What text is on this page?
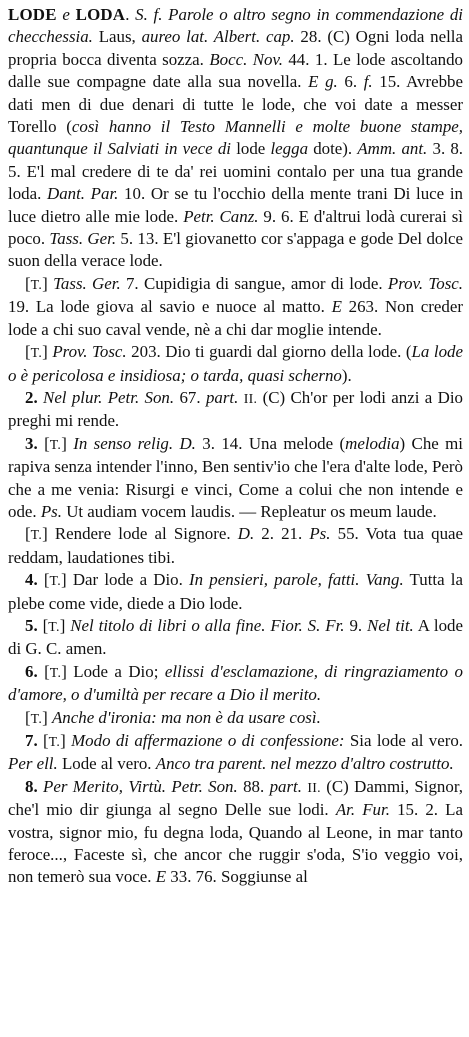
LODE e LODA. S. f. Parole o altro segno in commendazione di checchessia. Laus, aureo lat. Albert. cap. 28. (C) Ogni loda nella propria bocca diventa sozza. Bocc. Nov. 44. 1. Le lode ascoltando dalle sue compagne date alla sua novella. E g. 6. f. 15. Avrebbe dati men di due denari di tutte le lode, che voi date a messer Torello (così hanno il Testo Mannelli e molte buone stampe, quantunque il Salviati in vece di lode legga dote). Amm. ant. 3. 8. 5. E'l mal credere di te da' rei uomini contalo per una tua grande loda. Dant. Par. 10. Or se tu l'occhio della mente trani Di luce in luce dietro alle mie lode. Petr. Canz. 9. 6. E d'altrui lodà curerai sì poco. Tass. Ger. 5. 13. E'l giovanetto cor s'appaga e gode Del dolce suon della verace lode.

[T.] Tass. Ger. 7. Cupidigia di sangue, amor di lode. Prov. Tosc. 19. La lode giova al savio e nuoce al matto. E 263. Non creder lode a chi suo caval vende, nè a chi dar moglie intende.

[T.] Prov. Tosc. 203. Dio ti guardi dal giorno della lode. (La lode o è pericolosa e insidiosa; o tarda, quasi scherno).

2. Nel plur. Petr. Son. 67. part. II. (C) Ch'or per lodi anzi a Dio preghi mi rende.

3. [T.] In senso relig. D. 3. 14. Una melode (melodia) Che mi rapiva senza intender l'inno, Ben sentiv'io che l'era d'alte lode, Però che a me venia: Risurgi e vinci, Come a colui che non intende e ode. Ps. Ut audiam vocem laudis. — Repleatur os meum laude.

[T.] Rendere lode al Signore. D. 2. 21. Ps. 55. Vota tua quae reddam, laudationes tibi.

4. [T.] Dar lode a Dio. In pensieri, parole, fatti. Vang. Tutta la plebe come vide, diede a Dio lode.

5. [T.] Nel titolo di libri o alla fine. Fior. S. Fr. 9. Nel tit. A lode di G. C. amen.

6. [T.] Lode a Dio; ellissi d'esclamazione, di ringraziamento o d'amore, o d'umiltà per recare a Dio il merito.

[T.] Anche d'ironia: ma non è da usare così.

7. [T.] Modo di affermazione o di confessione: Sia lode al vero. Per ell. Lode al vero. Anco tra parent. nel mezzo d'altro costrutto.

8. Per Merito, Virtù. Petr. Son. 88. part. II. (C) Dammi, Signor, che'l mio dir giunga al segno Delle sue lodi. Ar. Fur. 15. 2. La vostra, signor mio, fu degna loda, Quando al Leone, in mar tanto feroce..., Faceste sì, che ancor che ruggir s'oda, S'io veggio voi, non temerò sua voce. E 33. 76. Soggiunse al
